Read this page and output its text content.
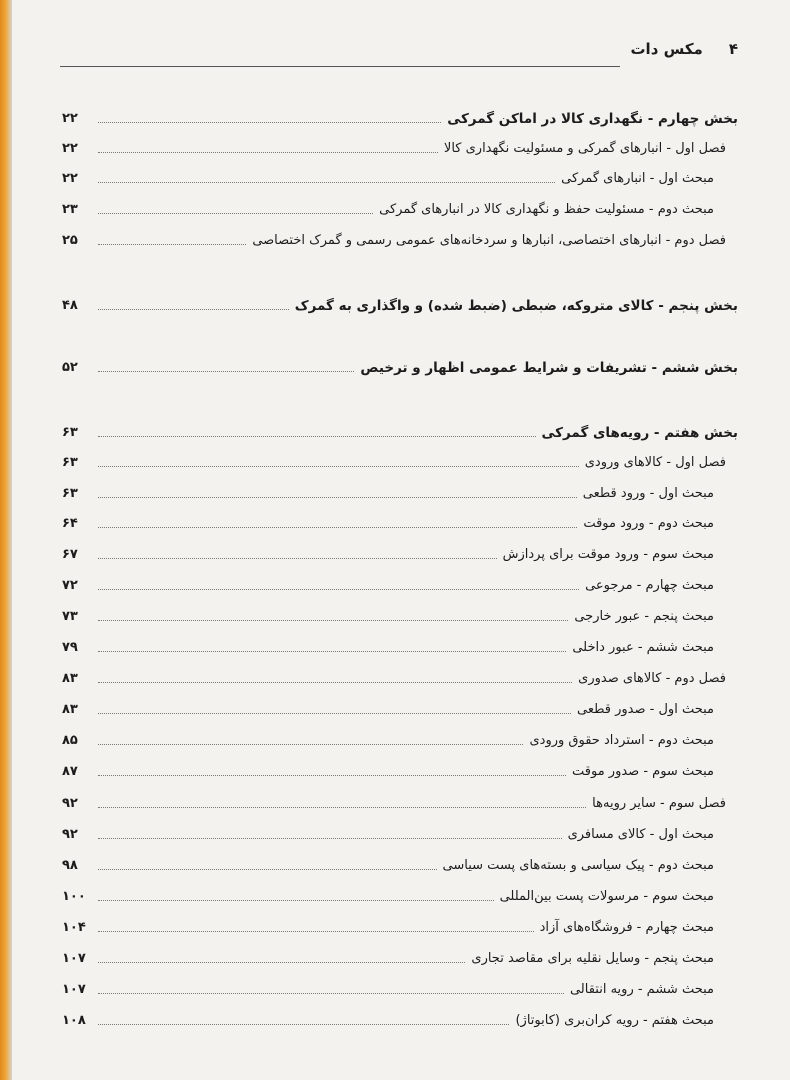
۴
مکس دات
بخش چهارم - نگهداری کالا در اماکن گمرکی
۲۲
فصل اول - انبارهای گمرکی و مسئولیت نگهداری کالا
۲۲
مبحث اول - انبارهای گمرکی
۲۲
مبحث دوم - مسئولیت حفظ و نگهداری کالا در انبارهای گمرکی
۲۳
فصل دوم - انبارهای اختصاصی، انبارها و سردخانه‌های عمومی رسمی و گمرک اختصاصی
۲۵
بخش پنجم - کالای متروکه، ضبطی (ضبط شده) و واگذاری به گمرک
۴۸
بخش ششم - تشریفات و شرایط عمومی اظهار و ترخیص
۵۲
بخش هفتم - رویه‌های گمرکی
۶۳
فصل اول - کالاهای ورودی
۶۳
مبحث اول - ورود قطعی
۶۳
مبحث دوم - ورود موقت
۶۴
مبحث سوم - ورود موقت برای پردازش
۶۷
مبحث چهارم - مرجوعی
۷۲
مبحث پنجم - عبور خارجی
۷۳
مبحث ششم - عبور داخلی
۷۹
فصل دوم - کالاهای صدوری
۸۳
مبحث اول - صدور قطعی
۸۳
مبحث دوم - استرداد حقوق ورودی
۸۵
مبحث سوم - صدور موقت
۸۷
فصل سوم - سایر رویه‌ها
۹۲
مبحث اول - کالای مسافری
۹۲
مبحث دوم - پیک سیاسی و بسته‌های پست سیاسی
۹۸
مبحث سوم - مرسولات پست بین‌المللی
۱۰۰
مبحث چهارم - فروشگاه‌های آزاد
۱۰۴
مبحث پنجم - وسایل نقلیه برای مقاصد تجاری
۱۰۷
مبحث ششم - رویه انتقالی
۱۰۷
مبحث هفتم - رویه کران‌بری (کابوتاژ)
۱۰۸
